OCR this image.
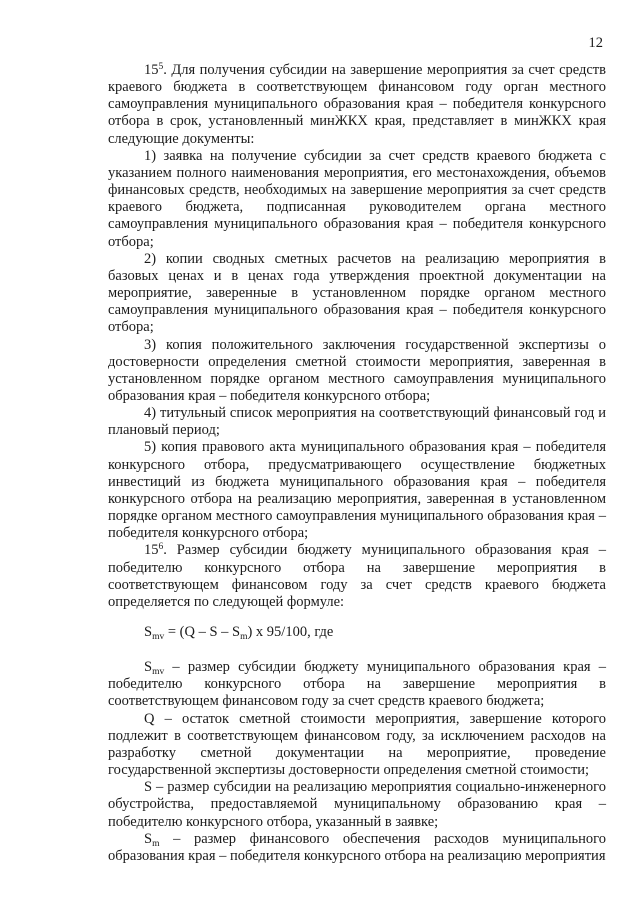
12

$15^5$. Для получения субсидии на завершение мероприятия за счет средств краевого бюджета в соответствующем финансовом году орган местного самоуправления муниципального образования края – победителя конкурсного отбора в срок, установленный минЖКХ края, представляет в минЖКХ края следующие документы:

1) заявка на получение субсидии за счет средств краевого бюджета с указанием полного наименования мероприятия, его местонахождения, объемов финансовых средств, необходимых на завершение мероприятия за счет средств краевого бюджета, подписанная руководителем органа местного самоуправления муниципального образования края – победителя конкурсного отбора;

2) копии сводных сметных расчетов на реализацию мероприятия в базовых ценах и в ценах года утверждения проектной документации на мероприятие, заверенные в установленном порядке органом местного самоуправления муниципального образования края – победителя конкурсного отбора;

3) копия положительного заключения государственной экспертизы о достоверности определения сметной стоимости мероприятия, заверенная в установленном порядке органом местного самоуправления муниципального образования края – победителя конкурсного отбора;

4) титульный список мероприятия на соответствующий финансовый год и плановый период;

5) копия правового акта муниципального образования края – победителя конкурсного отбора, предусматривающего осуществление бюджетных инвестиций из бюджета муниципального образования края – победителя конкурсного отбора на реализацию мероприятия, заверенная в установленном порядке органом местного самоуправления муниципального образования края – победителя конкурсного отбора;

$15^6$. Размер субсидии бюджету муниципального образования края – победителю конкурсного отбора на завершение мероприятия в соответствующем финансовом году за счет средств краевого бюджета определяется по следующей формуле:

$S_{mv} = (Q - S - S_m)$ x 95/100, где

$S_{mv}$ – размер субсидии бюджету муниципального образования края – победителю конкурсного отбора на завершение мероприятия в соответствующем финансовом году за счет средств краевого бюджета;

Q – остаток сметной стоимости мероприятия, завершение которого подлежит в соответствующем финансовом году, за исключением расходов на разработку сметной документации на мероприятие, проведение государственной экспертизы достоверности определения сметной стоимости;

S – размер субсидии на реализацию мероприятия социально-инженерного обустройства, предоставляемой муниципальному образованию края – победителю конкурсного отбора, указанный в заявке;

$S_m$ – размер финансового обеспечения расходов муниципального образования края – победителя конкурсного отбора на реализацию мероприятия
